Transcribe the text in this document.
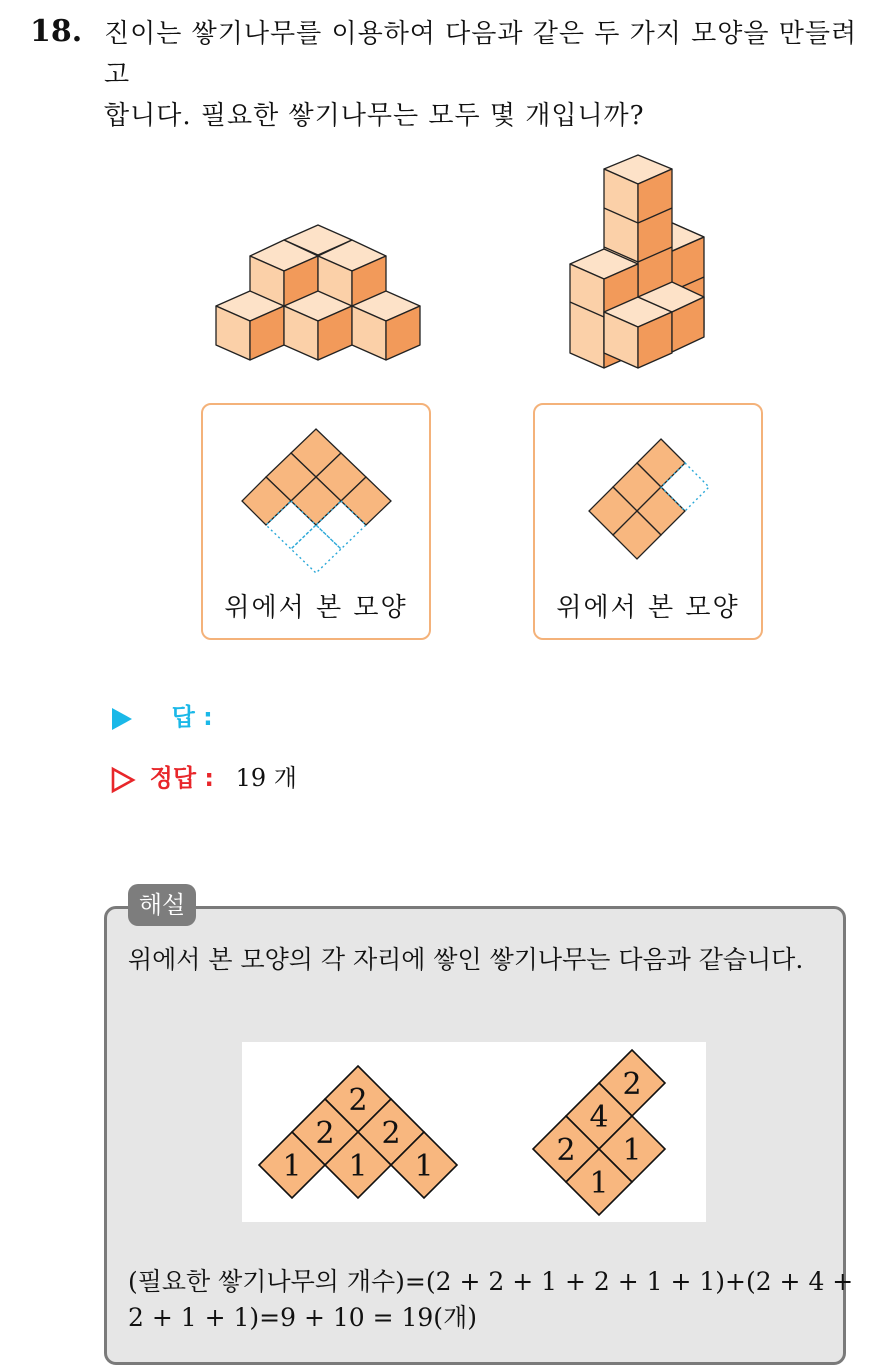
18. 진이는 쌓기나무를 이용하여 다음과 같은 두 가지 모양을 만들려고
합니다. 필요한 쌓기나무는 모두 몇 개입니까?
위에서 본 모양	위에서 본 모양
답 :
정답 : 19 개
해설
위에서 본 모양의 각 자리에 쌓인 쌓기나무는 다음과 같습니다.
2
2 2
1 1 1
2
4
2 1
1
(필요한 쌓기나무의 개수)=(2 + 2 + 1 + 2 + 1 + 1)+(2 + 4 +
2 + 1 + 1)=9 + 10 = 19(개)
